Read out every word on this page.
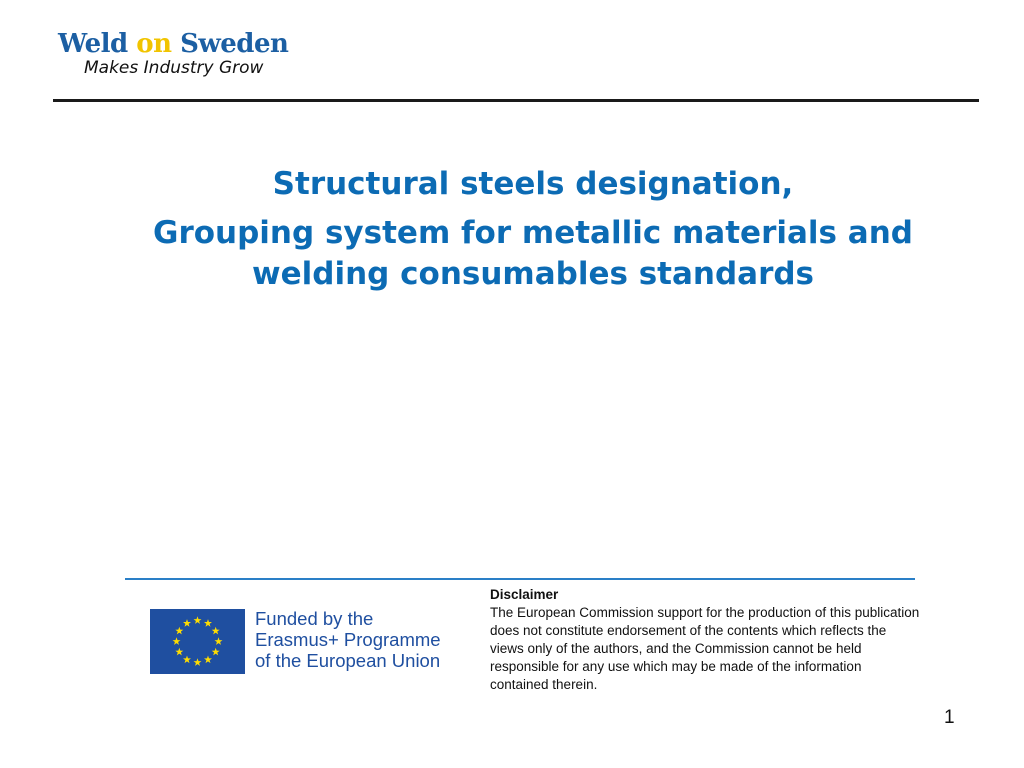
Weld on Sweden
Makes Industry Grow
Structural steels designation,
Grouping system for metallic materials and welding consumables standards
Funded by the
Erasmus+ Programme
of the European Union
Disclaimer
The European Commission support for the production of this publication does not constitute endorsement of the contents which reflects the views only of the authors, and the Commission cannot be held responsible for any use which may be made of the information contained therein.
1
